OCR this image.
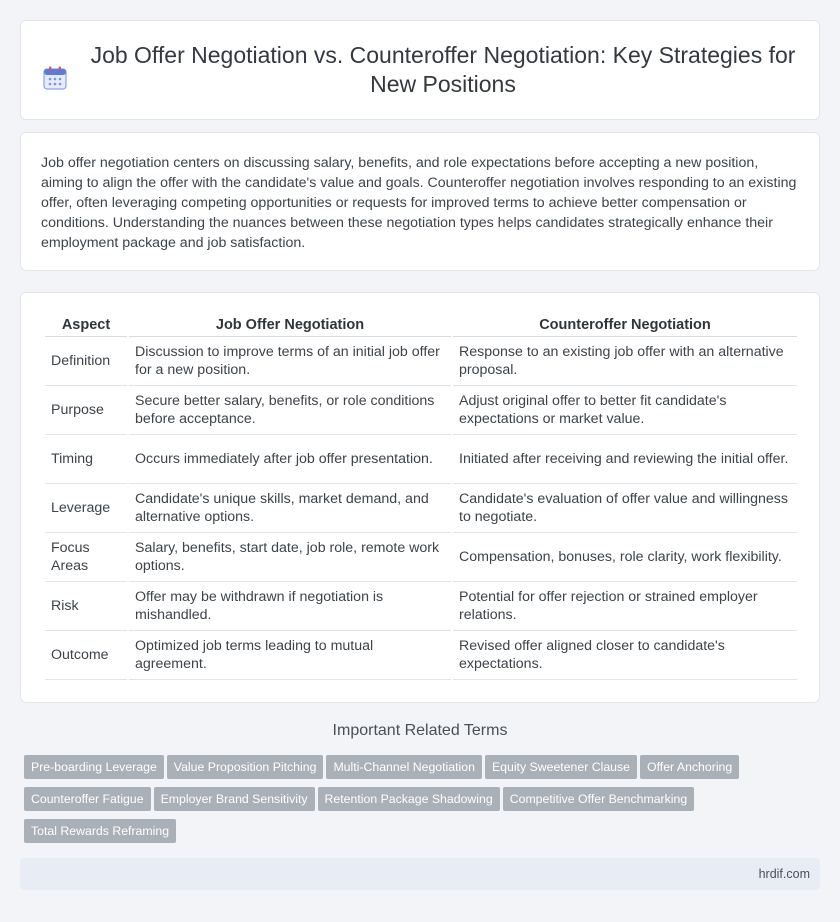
Job Offer Negotiation vs. Counteroffer Negotiation: Key Strategies for New Positions

Job offer negotiation centers on discussing salary, benefits, and role expectations before accepting a new position, aiming to align the offer with the candidate's value and goals. Counteroffer negotiation involves responding to an existing offer, often leveraging competing opportunities or requests for improved terms to achieve better compensation or conditions. Understanding the nuances between these negotiation types helps candidates strategically enhance their employment package and job satisfaction.

Aspect	Job Offer Negotiation	Counteroffer Negotiation
Definition	Discussion to improve terms of an initial job offer for a new position.	Response to an existing job offer with an alternative proposal.
Purpose	Secure better salary, benefits, or role conditions before acceptance.	Adjust original offer to better fit candidate's expectations or market value.
Timing	Occurs immediately after job offer presentation.	Initiated after receiving and reviewing the initial offer.
Leverage	Candidate's unique skills, market demand, and alternative options.	Candidate's evaluation of offer value and willingness to negotiate.
Focus Areas	Salary, benefits, start date, job role, remote work options.	Compensation, bonuses, role clarity, work flexibility.
Risk	Offer may be withdrawn if negotiation is mishandled.	Potential for offer rejection or strained employer relations.
Outcome	Optimized job terms leading to mutual agreement.	Revised offer aligned closer to candidate's expectations.
Important Related Terms
Pre-boarding Leverage Value Proposition Pitching Multi-Channel Negotiation Equity Sweetener Clause Offer Anchoring
Counteroffer Fatigue Employer Brand Sensitivity Retention Package Shadowing Competitive Offer Benchmarking
Total Rewards Reframing
hrdif.com
